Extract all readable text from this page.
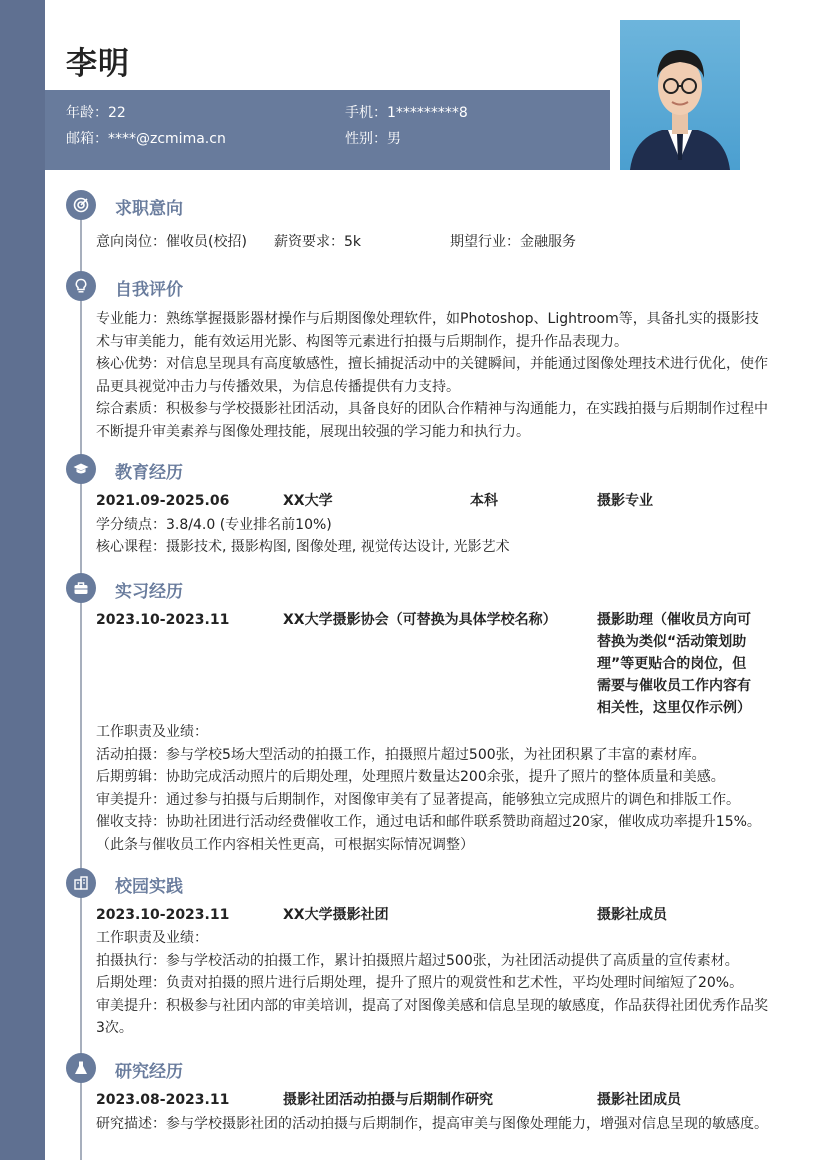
李明
年龄：22	手机：1*********8
邮箱：****@zcmima.cn	性别：男
求职意向
意向岗位：催收员(校招) 薪资要求：5k	期望行业：金融服务
自我评价
专业能力：熟练掌握摄影器材操作与后期图像处理软件，如Photoshop、Lightroom等，具备扎实的摄影技术与审美能力，能有效运用光影、构图等元素进行拍摄与后期制作，提升作品表现力。
核心优势：对信息呈现具有高度敏感性，擅长捕捉活动中的关键瞬间，并能通过图像处理技术进行优化，使作品更具视觉冲击力与传播效果，为信息传播提供有力支持。
综合素质：积极参与学校摄影社团活动，具备良好的团队合作精神与沟通能力，在实践拍摄与后期制作过程中不断提升审美素养与图像处理技能，展现出较强的学习能力和执行力。
教育经历
2021.09-2025.06	XX大学	本科	摄影专业
学分绩点：3.8/4.0 (专业排名前10%)
核心课程：摄影技术, 摄影构图, 图像处理, 视觉传达设计, 光影艺术
实习经历
2023.10-2023.11	XX大学摄影协会（可替换为具体学校名称）	摄影助理（催收员方向可
替换为类似“活动策划助
理”等更贴合的岗位，但
需要与催收员工作内容有
相关性，这里仅作示例）
工作职责及业绩：
活动拍摄：参与学校5场大型活动的拍摄工作，拍摄照片超过500张，为社团积累了丰富的素材库。
后期剪辑：协助完成活动照片的后期处理，处理照片数量达200余张，提升了照片的整体质量和美感。
审美提升：通过参与拍摄与后期制作，对图像审美有了显著提高，能够独立完成照片的调色和排版工作。
催收支持：协助社团进行活动经费催收工作，通过电话和邮件联系赞助商超过20家，催收成功率提升15%。（此条与催收员工作内容相关性更高，可根据实际情况调整）
校园实践
2023.10-2023.11	XX大学摄影社团	摄影社成员
工作职责及业绩：
拍摄执行：参与学校活动的拍摄工作，累计拍摄照片超过500张，为社团活动提供了高质量的宣传素材。
后期处理：负责对拍摄的照片进行后期处理，提升了照片的观赏性和艺术性，平均处理时间缩短了20%。
审美提升：积极参与社团内部的审美培训，提高了对图像美感和信息呈现的敏感度，作品获得社团优秀作品奖3次。
研究经历
2023.08-2023.11	摄影社团活动拍摄与后期制作研究	摄影社团成员
研究描述：参与学校摄影社团的活动拍摄与后期制作，提高审美与图像处理能力，增强对信息呈现的敏感度。
